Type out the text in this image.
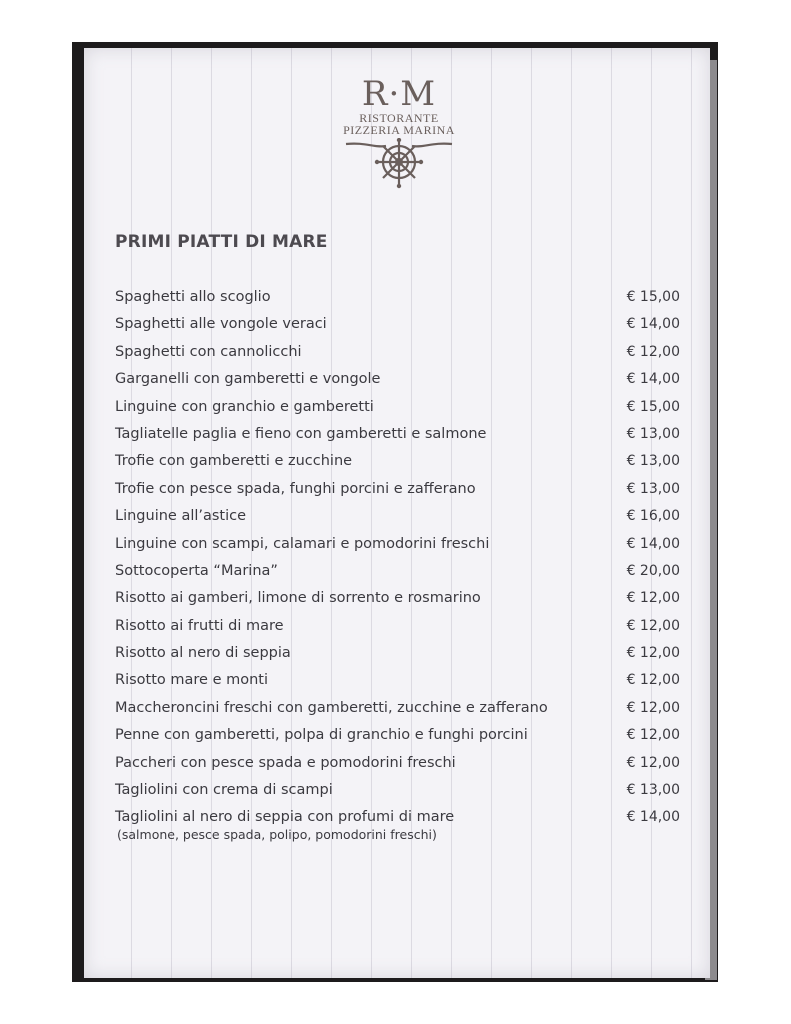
R·M
RISTORANTE
PIZZERIA MARINA
PRIMI PIATTI DI MARE
Spaghetti allo scoglio	€ 15,00
Spaghetti alle vongole veraci	€ 14,00
Spaghetti con cannolicchi	€ 12,00
Garganelli con gamberetti e vongole	€ 14,00
Linguine con granchio e gamberetti	€ 15,00
Tagliatelle paglia e fieno con gamberetti e salmone	€ 13,00
Trofie con gamberetti e zucchine	€ 13,00
Trofie con pesce spada, funghi porcini e zafferano	€ 13,00
Linguine all’astice	€ 16,00
Linguine con scampi, calamari e pomodorini freschi	€ 14,00
Sottocoperta “Marina”	€ 20,00
Risotto ai gamberi, limone di sorrento e rosmarino	€ 12,00
Risotto ai frutti di mare	€ 12,00
Risotto al nero di seppia	€ 12,00
Risotto mare e monti	€ 12,00
Maccheroncini freschi con gamberetti, zucchine e zafferano	€ 12,00
Penne con gamberetti, polpa di granchio e funghi porcini	€ 12,00
Paccheri con pesce spada e pomodorini freschi	€ 12,00
Tagliolini con crema di scampi	€ 13,00
Tagliolini al nero di seppia con profumi di mare	€ 14,00
(salmone, pesce spada, polipo, pomodorini freschi)
